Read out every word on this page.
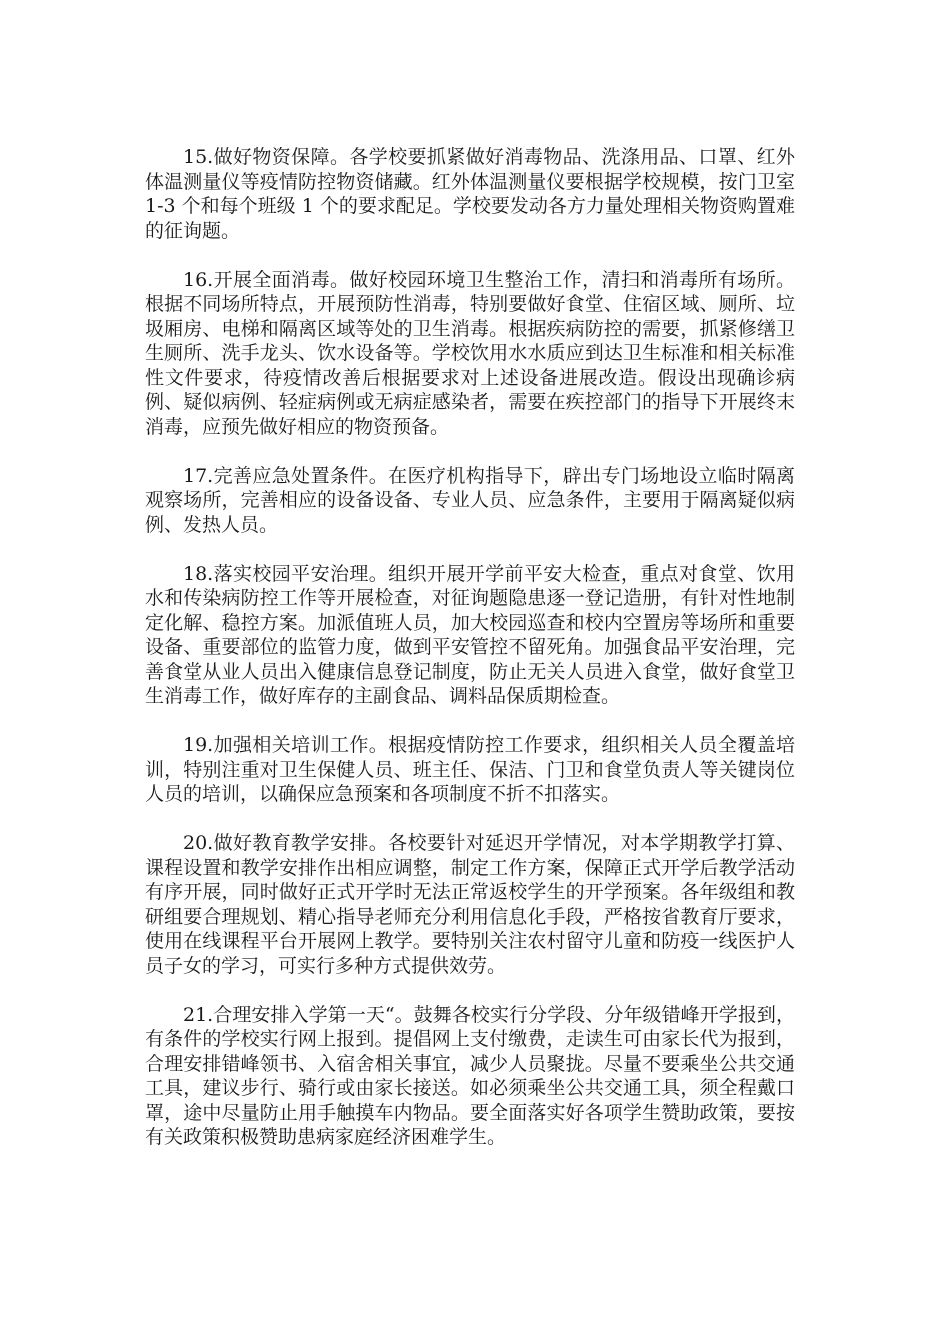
15.做好物资保障。各学校要抓紧做好消毒物品、洗涤用品、口罩、红外体温测量仪等疫情防控物资储藏。红外体温测量仪要根据学校规模，按门卫室 1-3 个和每个班级 1 个的要求配足。学校要发动各方力量处理相关物资购置难的征询题。

16.开展全面消毒。做好校园环境卫生整治工作，清扫和消毒所有场所。根据不同场所特点，开展预防性消毒，特别要做好食堂、住宿区域、厕所、垃圾厢房、电梯和隔离区域等处的卫生消毒。根据疾病防控的需要，抓紧修缮卫生厕所、洗手龙头、饮水设备等。学校饮用水水质应到达卫生标准和相关标准性文件要求，待疫情改善后根据要求对上述设备进展改造。假设出现确诊病例、疑似病例、轻症病例或无病症感染者，需要在疾控部门的指导下开展终末消毒，应预先做好相应的物资预备。

17.完善应急处置条件。在医疗机构指导下，辟出专门场地设立临时隔离观察场所，完善相应的设备设备、专业人员、应急条件，主要用于隔离疑似病例、发热人员。

18.落实校园平安治理。组织开展开学前平安大检查，重点对食堂、饮用水和传染病防控工作等开展检查，对征询题隐患逐一登记造册，有针对性地制定化解、稳控方案。加派值班人员，加大校园巡查和校内空置房等场所和重要设备、重要部位的监管力度，做到平安管控不留死角。加强食品平安治理，完善食堂从业人员出入健康信息登记制度，防止无关人员进入食堂，做好食堂卫生消毒工作，做好库存的主副食品、调料品保质期检查。

19.加强相关培训工作。根据疫情防控工作要求，组织相关人员全覆盖培训，特别注重对卫生保健人员、班主任、保洁、门卫和食堂负责人等关键岗位人员的培训，以确保应急预案和各项制度不折不扣落实。

20.做好教育教学安排。各校要针对延迟开学情况，对本学期教学打算、课程设置和教学安排作出相应调整，制定工作方案，保障正式开学后教学活动有序开展，同时做好正式开学时无法正常返校学生的开学预案。各年级组和教研组要合理规划、精心指导老师充分利用信息化手段，严格按省教育厅要求，使用在线课程平台开展网上教学。要特别关注农村留守儿童和防疫一线医护人员子女的学习，可实行多种方式提供效劳。

21.合理安排入学第一天“。鼓舞各校实行分学段、分年级错峰开学报到，有条件的学校实行网上报到。提倡网上支付缴费，走读生可由家长代为报到，合理安排错峰领书、入宿舍相关事宜，减少人员聚拢。尽量不要乘坐公共交通工具，建议步行、骑行或由家长接送。如必须乘坐公共交通工具，须全程戴口罩，途中尽量防止用手触摸车内物品。要全面落实好各项学生赞助政策，要按有关政策积极赞助患病家庭经济困难学生。
